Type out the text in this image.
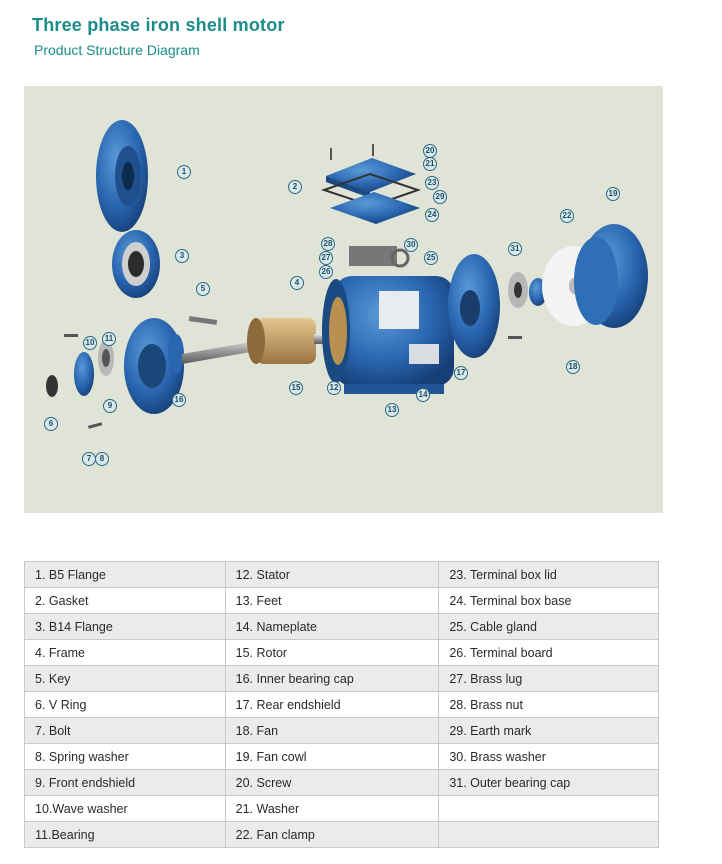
Three phase iron shell motor
Product Structure Diagram
1
2
3
4
5
6
7	8
9
10	11
12
13
14
15
16
17
18
19
20
21
22
23
24
25
26
27
28
29
30	31
1. B5 Flange	12. Stator	23. Terminal box lid
2. Gasket	13. Feet	24. Terminal box base
3. B14 Flange	14. Nameplate	25. Cable gland
4. Frame	15. Rotor	26. Terminal board
5. Key	16. Inner bearing cap	27. Brass lug
6. V Ring	17. Rear endshield	28. Brass nut
7. Bolt	18. Fan	29. Earth mark
8. Spring washer	19. Fan cowl	30. Brass washer
9. Front endshield	20. Screw	31. Outer bearing cap
10.Wave washer	21. Washer	
11.Bearing	22. Fan clamp	
